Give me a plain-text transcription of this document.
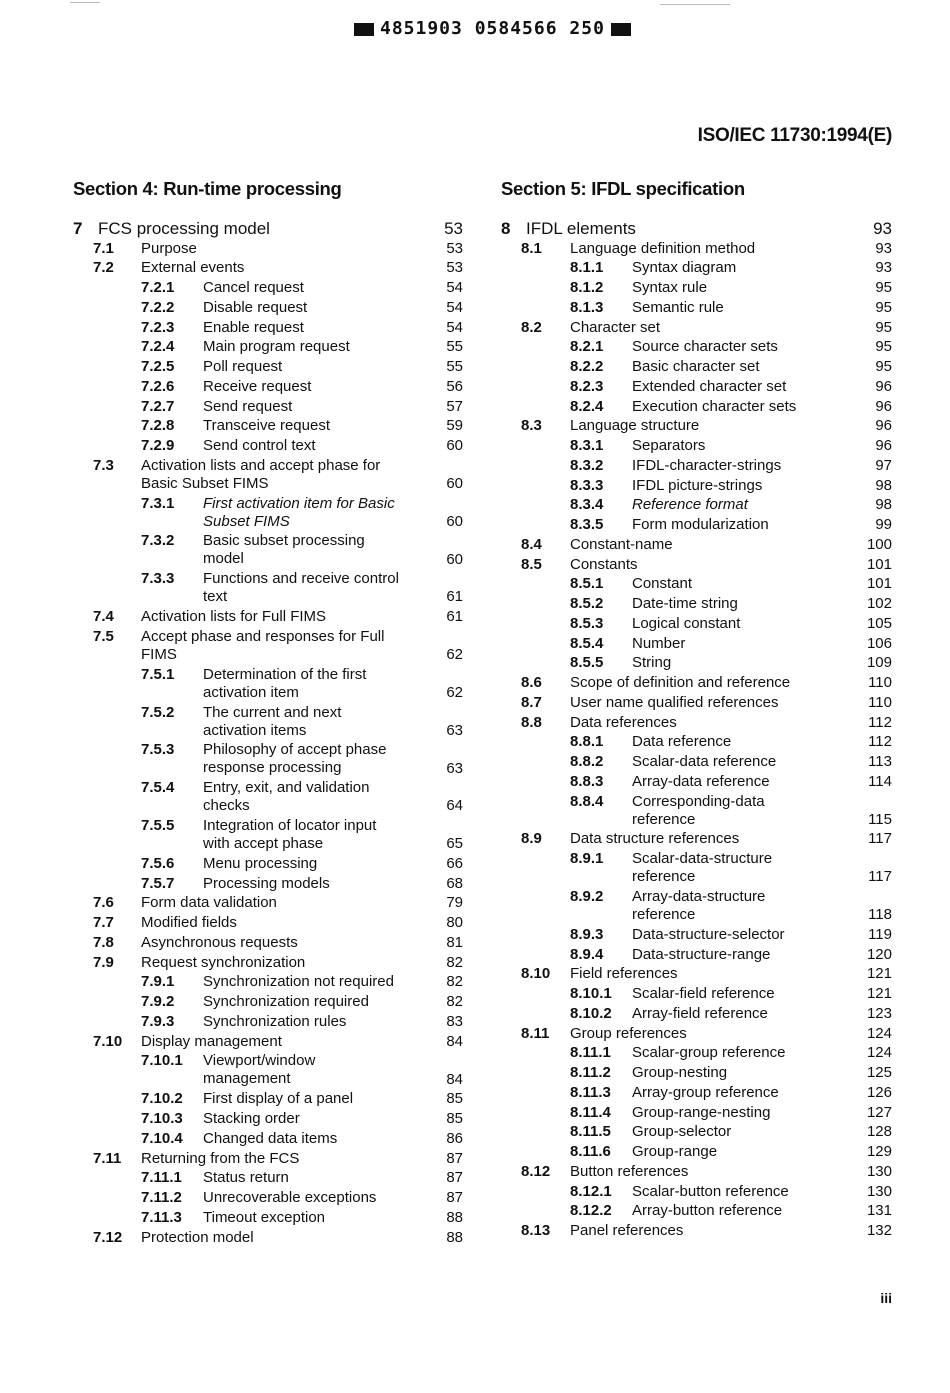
4851903 0584566 250
ISO/IEC 11730:1994(E)
Section 4: Run-time processing	Section 5: IFDL specification
7 FCS processing model	53
7.1 Purpose	53
7.2 External events	53
7.2.1 Cancel request	54
7.2.2 Disable request	54
7.2.3 Enable request	54
7.2.4 Main program request	55
7.2.5 Poll request	55
7.2.6 Receive request	56
7.2.7 Send request	57
7.2.8 Transceive request	59
7.2.9 Send control text	60
7.3 Activation lists and accept phase for
Basic Subset FIMS	60
7.3.1 First activation item for Basic
Subset FIMS	60
7.3.2 Basic subset processing
model	60
7.3.3 Functions and receive control
text	61
7.4 Activation lists for Full FIMS	61
7.5 Accept phase and responses for Full
FIMS	62
7.5.1 Determination of the first
activation item	62
7.5.2 The current and next
activation items	63
7.5.3 Philosophy of accept phase
response processing	63
7.5.4 Entry, exit, and validation
checks	64
7.5.5 Integration of locator input
with accept phase	65
7.5.6 Menu processing	66
7.5.7 Processing models	68
7.6 Form data validation	79
7.7 Modified fields	80
7.8 Asynchronous requests	81
7.9 Request synchronization	82
7.9.1 Synchronization not required	82
7.9.2 Synchronization required	82
7.9.3 Synchronization rules	83
7.10 Display management	84
7.10.1 Viewport/window
management	84
7.10.2 First display of a panel	85
7.10.3 Stacking order	85
7.10.4 Changed data items	86
7.11 Returning from the FCS	87
7.11.1 Status return	87
7.11.2 Unrecoverable exceptions	87
7.11.3 Timeout exception	88
7.12 Protection model	88
8 IFDL elements	93
8.1 Language definition method	93
8.1.1 Syntax diagram	93
8.1.2 Syntax rule	95
8.1.3 Semantic rule	95
8.2 Character set	95
8.2.1 Source character sets	95
8.2.2 Basic character set	95
8.2.3 Extended character set	96
8.2.4 Execution character sets	96
8.3 Language structure	96
8.3.1 Separators	96
8.3.2 IFDL-character-strings	97
8.3.3 IFDL picture-strings	98
8.3.4 Reference format	98
8.3.5 Form modularization	99
8.4 Constant-name	100
8.5 Constants	101
8.5.1 Constant	101
8.5.2 Date-time string	102
8.5.3 Logical constant	105
8.5.4 Number	106
8.5.5 String	109
8.6 Scope of definition and reference	110
8.7 User name qualified references	110
8.8 Data references	112
8.8.1 Data reference	112
8.8.2 Scalar-data reference	113
8.8.3 Array-data reference	114
8.8.4 Corresponding-data
reference	115
8.9 Data structure references	117
8.9.1 Scalar-data-structure
reference	117
8.9.2 Array-data-structure
reference	118
8.9.3 Data-structure-selector	119
8.9.4 Data-structure-range	120
8.10 Field references	121
8.10.1 Scalar-field reference	121
8.10.2 Array-field reference	123
8.11 Group references	124
8.11.1 Scalar-group reference	124
8.11.2 Group-nesting	125
8.11.3 Array-group reference	126
8.11.4 Group-range-nesting	127
8.11.5 Group-selector	128
8.11.6 Group-range	129
8.12 Button references	130
8.12.1 Scalar-button reference	130
8.12.2 Array-button reference	131
8.13 Panel references	132
iii
